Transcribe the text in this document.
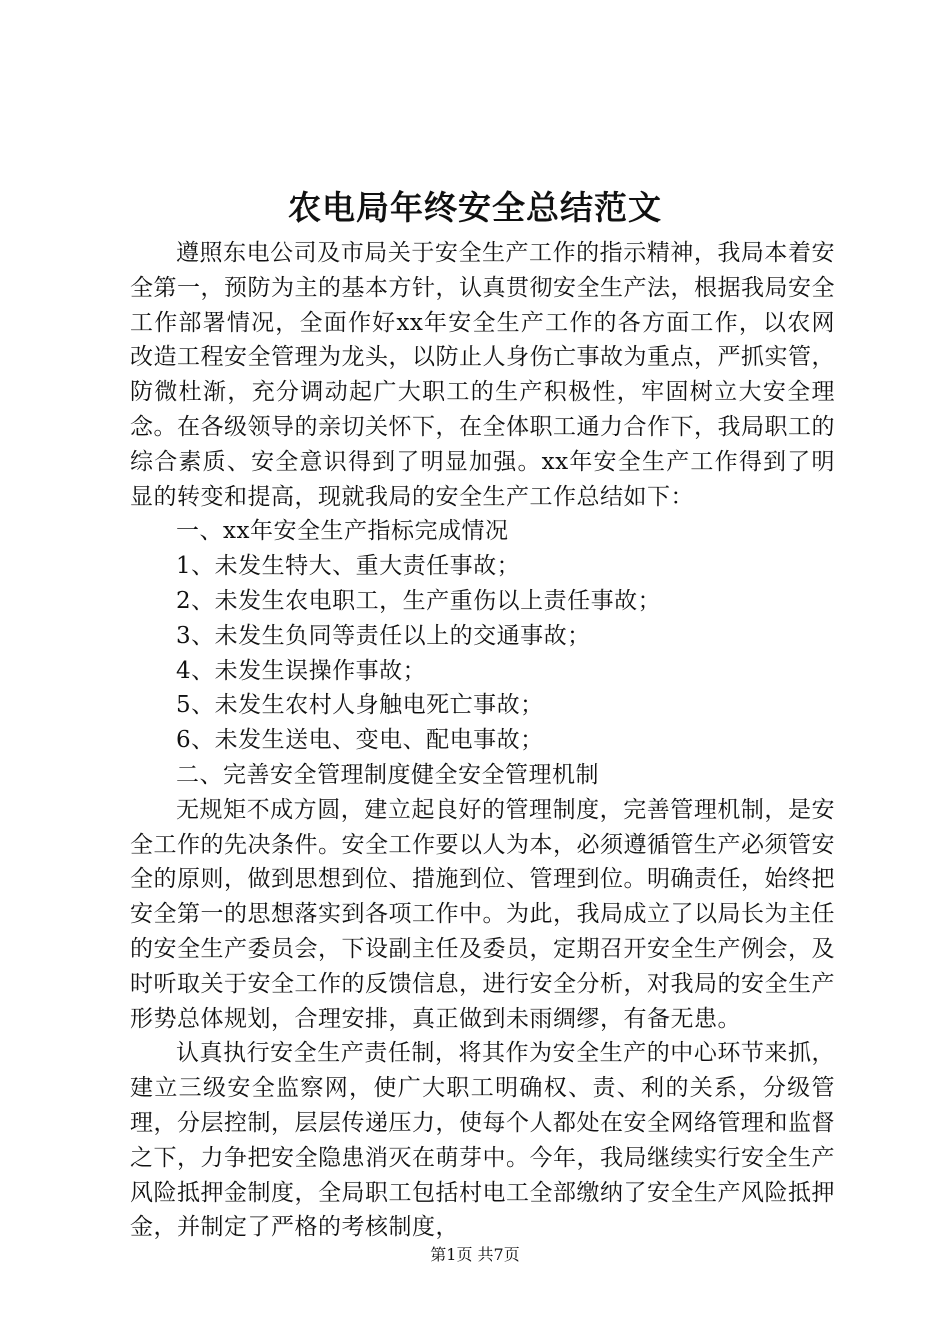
农电局年终安全总结范文

遵照东电公司及市局关于安全生产工作的指示精神，我局本着安全第一，预防为主的基本方针，认真贯彻安全生产法，根据我局安全工作部署情况，全面作好xx年安全生产工作的各方面工作，以农网改造工程安全管理为龙头，以防止人身伤亡事故为重点，严抓实管，防微杜渐，充分调动起广大职工的生产积极性，牢固树立大安全理念。在各级领导的亲切关怀下，在全体职工通力合作下，我局职工的综合素质、安全意识得到了明显加强。xx年安全生产工作得到了明显的转变和提高，现就我局的安全生产工作总结如下：

一、xx年安全生产指标完成情况

1、未发生特大、重大责任事故；

2、未发生农电职工，生产重伤以上责任事故；

3、未发生负同等责任以上的交通事故；

4、未发生误操作事故；

5、未发生农村人身触电死亡事故；

6、未发生送电、变电、配电事故；

二、完善安全管理制度健全安全管理机制

无规矩不成方圆，建立起良好的管理制度，完善管理机制，是安全工作的先决条件。安全工作要以人为本，必须遵循管生产必须管安全的原则，做到思想到位、措施到位、管理到位。明确责任，始终把安全第一的思想落实到各项工作中。为此，我局成立了以局长为主任的安全生产委员会，下设副主任及委员，定期召开安全生产例会，及时听取关于安全工作的反馈信息，进行安全分析，对我局的安全生产形势总体规划，合理安排，真正做到未雨绸缪，有备无患。

认真执行安全生产责任制，将其作为安全生产的中心环节来抓，建立三级安全监察网，使广大职工明确权、责、利的关系，分级管理，分层控制，层层传递压力，使每个人都处在安全网络管理和监督之下，力争把安全隐患消灭在萌芽中。今年，我局继续实行安全生产风险抵押金制度，全局职工包括村电工全部缴纳了安全生产风险抵押金，并制定了严格的考核制度，

第1页 共7页
